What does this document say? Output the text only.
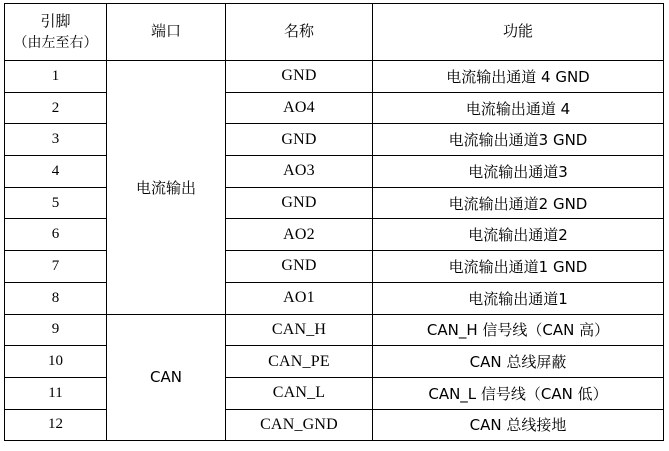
引脚
（由左至右）	端口	名称	功能
1	电流输出	GND	电流输出通道 4 GND
2		AO4	电流输出通道 4
3		GND	电流输出通道3 GND
4		AO3	电流输出通道3
5		GND	电流输出通道2 GND
6		AO2	电流输出通道2
7		GND	电流输出通道1 GND
8		AO1	电流输出通道1
9	CAN	CAN_H	CAN_H 信号线（CAN 高）
10		CAN_PE	CAN 总线屏蔽
11		CAN_L	CAN_L 信号线（CAN 低）
12		CAN_GND	CAN 总线接地
